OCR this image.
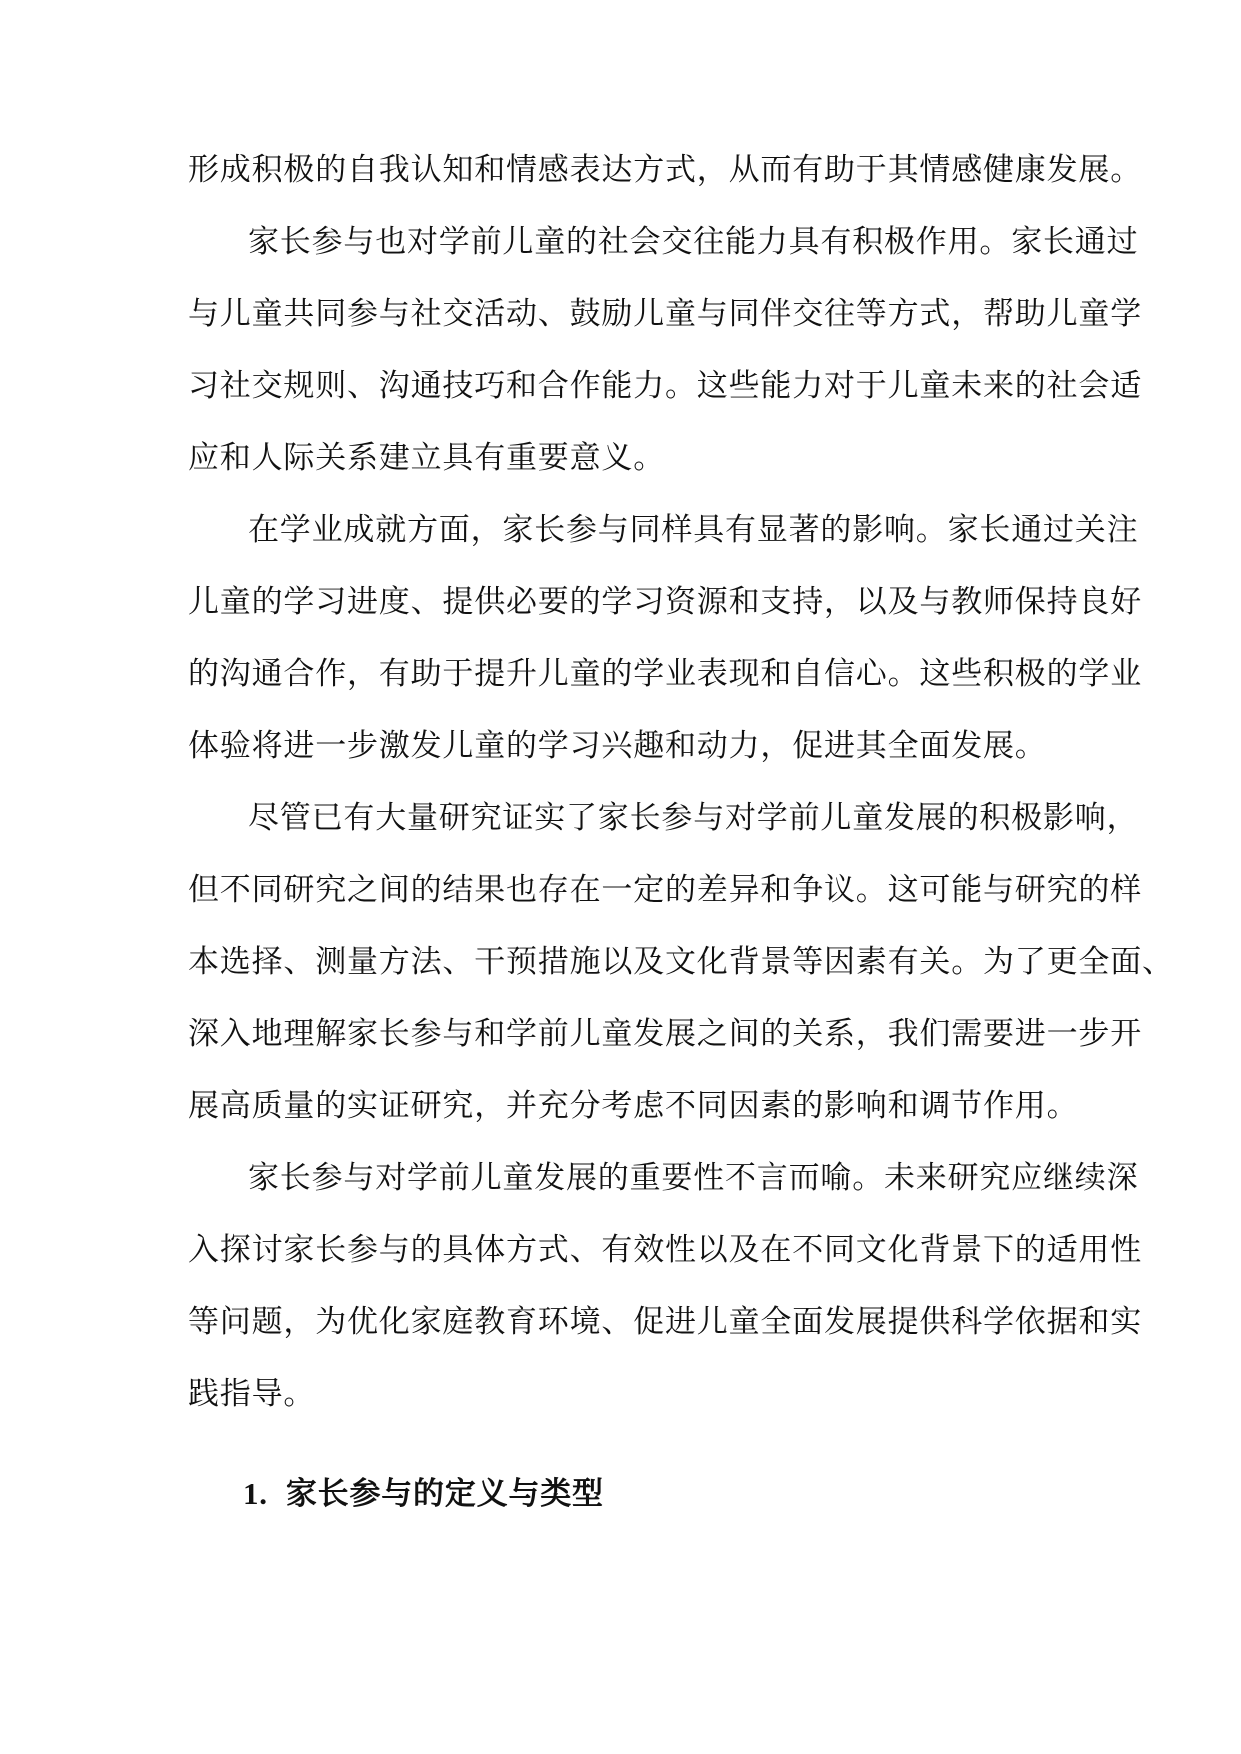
形成积极的自我认知和情感表达方式，从而有助于其情感健康发展。
家长参与也对学前儿童的社会交往能力具有积极作用。家长通过
与儿童共同参与社交活动、鼓励儿童与同伴交往等方式，帮助儿童学
习社交规则、沟通技巧和合作能力。这些能力对于儿童未来的社会适
应和人际关系建立具有重要意义。
在学业成就方面，家长参与同样具有显著的影响。家长通过关注
儿童的学习进度、提供必要的学习资源和支持，以及与教师保持良好
的沟通合作，有助于提升儿童的学业表现和自信心。这些积极的学业
体验将进一步激发儿童的学习兴趣和动力，促进其全面发展。
尽管已有大量研究证实了家长参与对学前儿童发展的积极影响，
但不同研究之间的结果也存在一定的差异和争议。这可能与研究的样
本选择、测量方法、干预措施以及文化背景等因素有关。为了更全面、
深入地理解家长参与和学前儿童发展之间的关系，我们需要进一步开
展高质量的实证研究，并充分考虑不同因素的影响和调节作用。
家长参与对学前儿童发展的重要性不言而喻。未来研究应继续深
入探讨家长参与的具体方式、有效性以及在不同文化背景下的适用性
等问题，为优化家庭教育环境、促进儿童全面发展提供科学依据和实
践指导。
1. 家长参与的定义与类型
